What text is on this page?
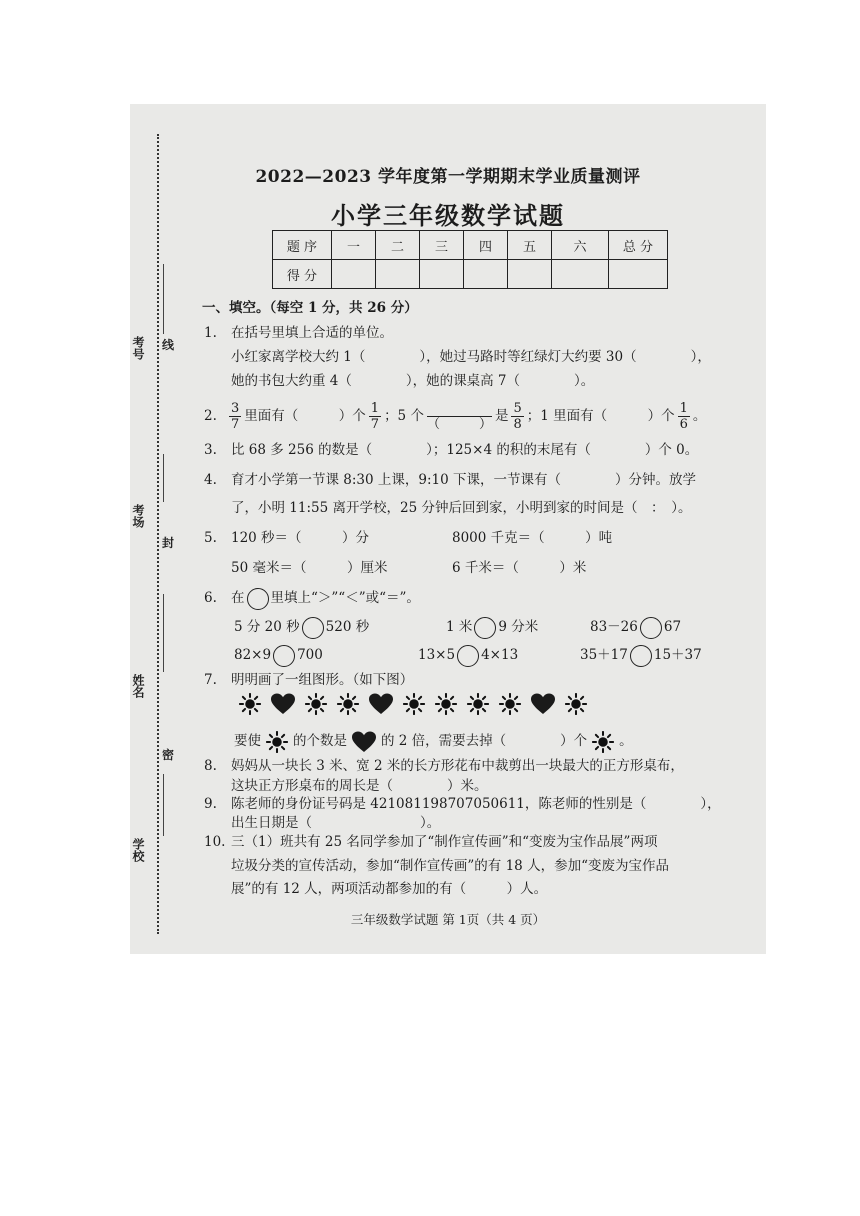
考号 线
考场
封
姓名
密
学校
2022—2023 学年度第一学期期末学业质量测评
小学三年级数学试题
题 序	一	二	三	四	五	六	总 分
得 分							
一、填空。（每空 1 分，共 26 分）
1. 在括号里填上合适的单位。
小红家离学校大约 1（　　　　），她过马路时等红绿灯大约要 30（　　　　），
她的书包大约重 4（　　　　），她的课桌高 7（　　　　）。
2. $\frac{3}{7}$ 里面有（　　　）个 $\frac{1}{7}$ ；5 个

（　　　）
是 $\frac{5}{8}$ ；1 里面有（　　　）个 $\frac{1}{6}$ 。
3. 比 68 多 256 的数是（　　　　）；125×4 的积的末尾有（　　　　）个 0。
4. 育才小学第一节课 8:30 上课，9:10 下课，一节课有（　　　　）分钟。放学
了，小明 11:55 离开学校，25 分钟后回到家，小明到家的时间是（　：　）。
5. 120 秒＝（　　　）分	8000 千克＝（　　　）吨
50 毫米＝（　　　）厘米	6 千米＝（　　　）米
6. 在 里填上“＞”“＜”或“＝”。
5 分 20 秒 520 秒	1 米 9 分米	83－26 67
82×9 700	13×5 4×13	35＋17 15＋37
7. 明明画了一组图形。（如下图）
要使 的个数是	的 2 倍，需要去掉（　　　　）个 。
8. 妈妈从一块长 3 米、宽 2 米的长方形花布中裁剪出一块最大的正方形桌布，
这块正方形桌布的周长是（　　　　）米。
9. 陈老师的身份证号码是 421081198707050611，陈老师的性别是（　　　　），
出生日期是（　　　　　　　　）。
10. 三（1）班共有 25 名同学参加了“制作宣传画”和“变废为宝作品展”两项
垃圾分类的宣传活动，参加“制作宣传画”的有 18 人，参加“变废为宝作品
展”的有 12 人，两项活动都参加的有（　　　）人。
三年级数学试题 第 1页（共 4 页）
